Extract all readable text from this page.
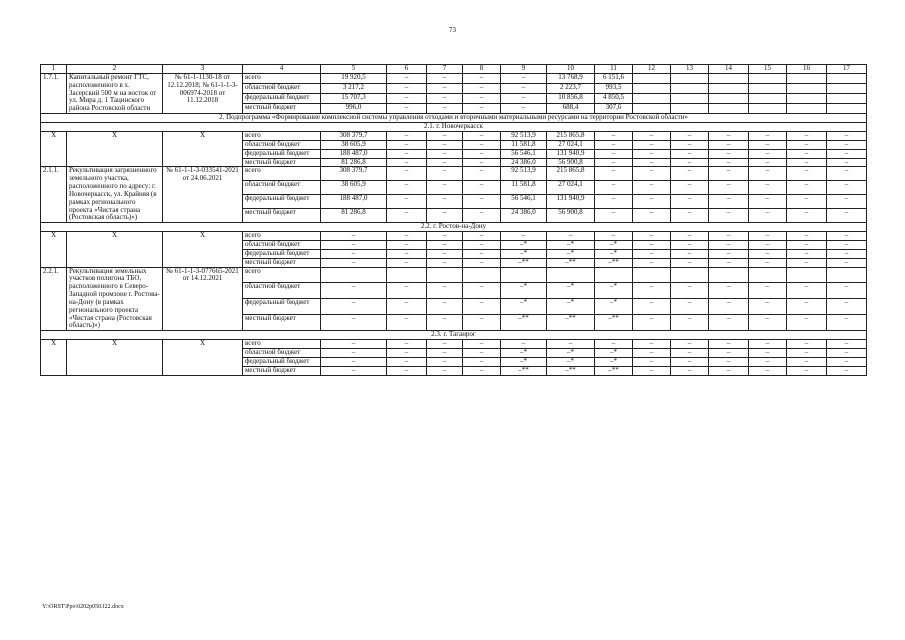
73
1	2	3	4	5	6	7	8	9	10	11	12	13	14	15	16	17
1.7.1.	Капитальный ремонт ГТС, расположенного в х. Засерский 500 м на восток от ул. Мира д. 1 Тацинского района Ростовской области	№ 61-1-1130-18 от 12.12.2018; № 61-1-1-3-006974-2018 от 11.12.2018	всего	19 920,5	–	–	–	–	13 768,9	6 151,6						
			областной бюджет	3 217,2	–	–	–	–	2 223,7	993,5						
			федеральный бюджет	15 707,3	–	–	–	–	10 856,8	4 850,5						
			местный бюджет	996,0	–	–	–	–	688,4	307,6						
2. Подпрограмма «Формирование комплексной системы управления отходами и вторичными материальными ресурсами на территории Ростовской области»																
2.1. г. Новочеркасск																
Х	Х	Х	всего	308 379,7	–	–	–	92 513,9	215 865,8	–	–	–	–	–	–	–
			областной бюджет	38 605,9	–	–	–	11 581,8	27 024,1	–	–	–	–	–	–	–
			федеральный бюджет	188 487,0	–	–	–	56 546,1	131 940,9	–	–	–	–	–	–	–
			местный бюджет	81 286,8	–	–	–	24 386,0	56 900,8	–	–	–	–	–	–	–
2.1.1.	Рекультивация загрязненного земельного участка, расположенного по адресу: г. Новочеркасск, ул. Крайняя (в рамках регионального проекта «Чистая страна (Ростовская область)»)	№ 61-1-1-3-033541-2021 от 24.06.2021	всего	308 379,7	–	–	–	92 513,9	215 865,8	–	–	–	–	–	–	–
			областной бюджет	38 605,9	–	–	–	11 581,8	27 024,1	–	–	–	–	–	–	–
			федеральный бюджет	188 487,0	–	–	–	56 546,1	131 940,9	–	–	–	–	–	–	–
			местный бюджет	81 286,8	–	–	–	24 386,0	56 900,8	–	–	–	–	–	–	–
2.2. г. Ростов-на-Дону																
Х	Х	Х	всего	–	–	–	–	–	–	–	–	–	–	–	–	–
			областной бюджет	–	–	–	–	–*	–*	–*	–	–	–	–	–	–
			федеральный бюджет	–	–	–	–	–*	–*	–*	–	–	–	–	–	–
			местный бюджет	–	–	–	–	–**	–**	–**	–	–	–	–	–	–
2.2.1.	Рекультивация земельных участков полигона ТБО, расположенного в Северо-Западной промзоне г. Ростова-на-Дону (в рамках регионального проекта «Чистая страна (Ростовская область)»)	№ 61-1-1-3-077665-2021 от 14.12.2021	всего													
			областной бюджет	–	–	–	–	–*	–*	–*	–	–	–	–	–	–
			федеральный бюджет	–	–	–	–	–*	–*	–*	–	–	–	–	–	–
			местный бюджет	–	–	–	–	–**	–**	–**	–	–	–	–	–	–
2.3. г. Таганрог																
Х	Х	Х	всего	–	–	–	–	–	–	–	–	–	–	–	–	–
			областной бюджет	–	–	–	–	–*	–*	–*	–	–	–	–	–	–
			федеральный бюджет	–	–	–	–	–*	–*	–*	–	–	–	–	–	–
			местный бюджет	–	–	–	–	–**	–**	–**	–	–	–	–	–	–
Y:\ORST\Ppo\0202p050.f22.docx
